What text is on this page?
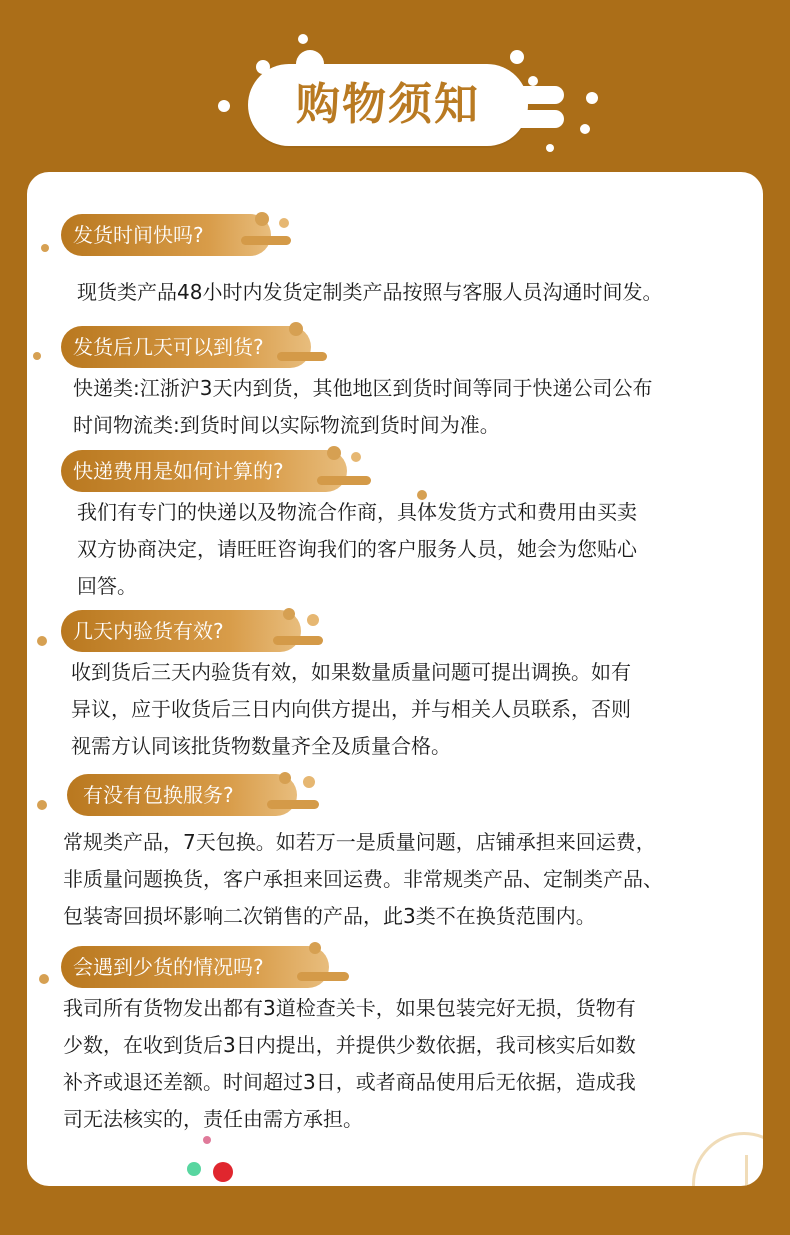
购物须知
发货时间快吗?
现货类产品48小时内发货定制类产品按照与客服人员沟通时间发。
发货后几天可以到货?
快递类:江浙沪3天内到货，其他地区到货时间等同于快递公司公布
时间物流类:到货时间以实际物流到货时间为准。
快递费用是如何计算的?
我们有专门的快递以及物流合作商，具体发货方式和费用由买卖
双方协商决定，请旺旺咨询我们的客户服务人员，她会为您贴心
回答。
几天内验货有效?
收到货后三天内验货有效，如果数量质量问题可提出调换。如有
异议，应于收货后三日内向供方提出，并与相关人员联系，否则
视需方认同该批货物数量齐全及质量合格。
有没有包换服务?
常规类产品，7天包换。如若万一是质量问题，店铺承担来回运费，
非质量问题换货，客户承担来回运费。非常规类产品、定制类产品、
包装寄回损坏影响二次销售的产品，此3类不在换货范围内。
会遇到少货的情况吗?
我司所有货物发出都有3道检查关卡，如果包装完好无损，货物有
少数，在收到货后3日内提出，并提供少数依据，我司核实后如数
补齐或退还差额。时间超过3日，或者商品使用后无依据，造成我
司无法核实的，责任由需方承担。
